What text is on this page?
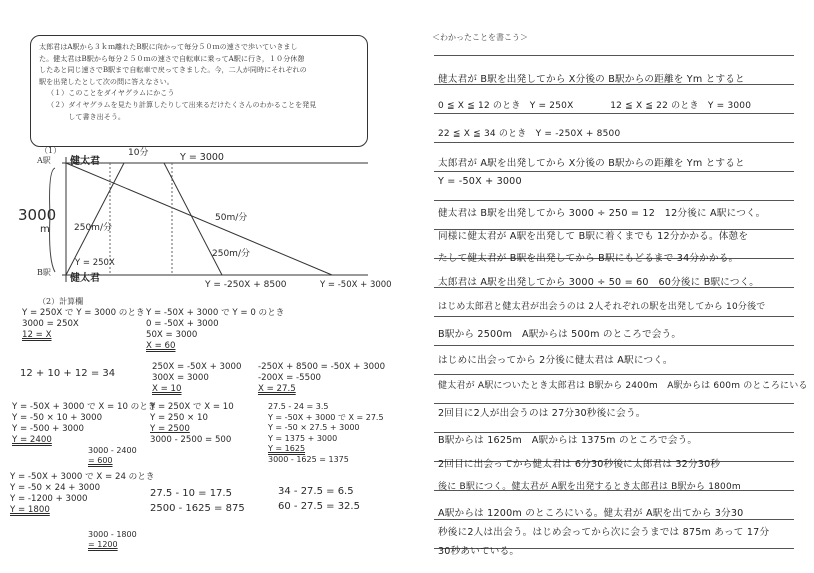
太郎君はA駅から３ｋｍ離れたB駅に向かって毎分５０ｍの速さで歩いていきまし
た。健太君はB駅から毎分２５０ｍの速さで自転車に乗ってA駅に行き，１０分休憩
したあと同じ速さでB駅まで自転車で戻ってきました。今，二人が同時にそれぞれの
駅を出発したとして次の問に答えなさい。

（１）このことをダイヤグラムにかこう
（２）ダイヤグラムを見たり計算したりして出来るだけたくさんのわかることを発見
　　　して書き出そう。
（1）
A駅
B駅
健太君
10分	Y = 3000
3000
m	250m/分
50m/分
250m/分
Y = 250X
健太君
Y = -250X + 8500	Y = -50X + 3000
（2）計算欄
Y = 250X で Y = 3000 のとき
3000 = 250X
12 = X
Y = -50X + 3000 で Y = 0 のとき
0 = -50X + 3000
50X = 3000
X = 60
12 + 10 + 12 = 34
250X = -50X + 3000
300X = 3000
X = 10
-250X + 8500 = -50X + 3000
-200X = -5500
X = 27.5
Y = -50X + 3000 で X = 10 のとき
Y = -50 × 10 + 3000
Y = -500 + 3000
Y = 2400
3000 - 2400
= 600
Y = 250X で X = 10
Y = 250 × 10
Y = 2500
3000 - 2500 = 500
27.5 - 24 = 3.5
Y = -50X + 3000 で X = 27.5
Y = -50 × 27.5 + 3000
Y = 1375 + 3000
Y = 1625
3000 - 1625 = 1375
Y = -50X + 3000 で X = 24 のとき
Y = -50 × 24 + 3000
Y = -1200 + 3000
Y = 1800
3000 - 1800
= 1200
27.5 - 10 = 17.5
2500 - 1625 = 875
34 - 27.5 = 6.5
60 - 27.5 = 32.5
＜わかったことを書こう＞
健太君が B駅を出発してから X分後の B駅からの距離を Ym とすると
0 ≦ X ≦ 12 のとき　Y = 250X　　　　12 ≦ X ≦ 22 のとき　Y = 3000
22 ≦ X ≦ 34 のとき　Y = -250X + 8500
太郎君が A駅を出発してから X分後の B駅からの距離を Ym とすると
Y = -50X + 3000
健太君は B駅を出発してから 3000 ÷ 250 = 12　12分後に A駅につく。
同様に健太君が A駅を出発して B駅に着くまでも 12分かかる。体憩を
たして健太君が B駅を出発してから B駅にもどるまで 34分かかる。
太郎君は A駅を出発してから 3000 ÷ 50 = 60　60分後に B駅につく。
はじめ太郎君と健太君が出会うのは 2人それぞれの駅を出発してから 10分後で
B駅から 2500m　A駅からは 500m のところで会う。
はじめに出会ってから 2分後に健太君は A駅につく。
健太君が A駅についたとき太郎君は B駅から 2400m　A駅からは 600m のところにいる
2回目に2人が出会うのは 27分30秒後に会う。
B駅からは 1625m　A駅からは 1375m のところで会う。
2回目に出会ってから健太君は 6分30秒後に太郎君は 32分30秒
後に B駅につく。健太君が A駅を出発するとき太郎君は B駅から 1800m
A駅からは 1200m のところにいる。健太君が A駅を出てから 3分30
秒後に2人は出会う。はじめ会ってから次に会うまでは 875m あって 17分
30秒あいている。
